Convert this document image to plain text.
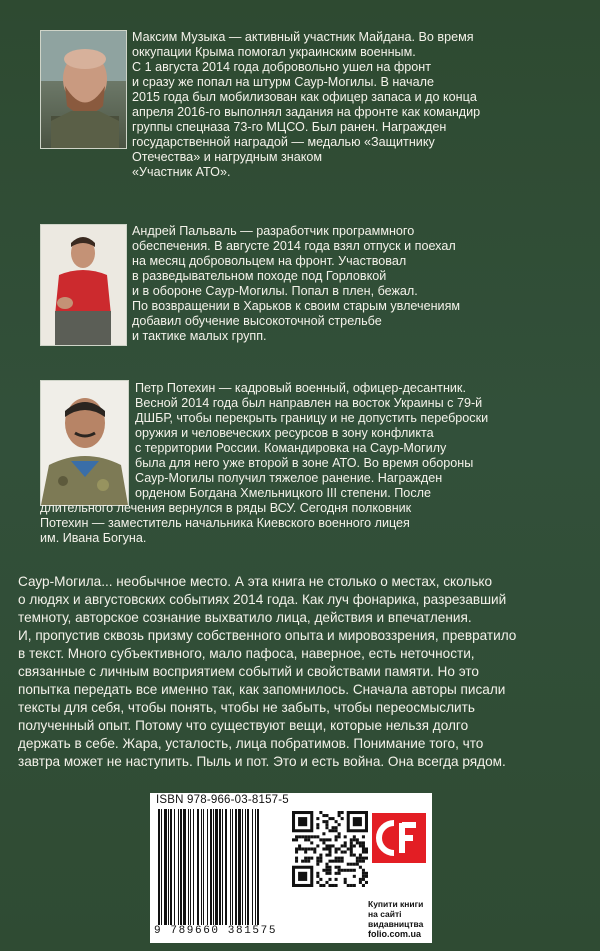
Максим Музыка — активный участник Майдана. Во время
оккупации Крыма помогал украинским военным.
С 1 августа 2014 года добровольно ушел на фронт
и сразу же попал на штурм Саур-Могилы. В начале
2015 года был мобилизован как офицер запаса и до конца
апреля 2016-го выполнял задания на фронте как командир
группы спецназа 73-го МЦСО. Был ранен. Награжден
государственной наградой — медалью «Защитнику
Отечества» и нагрудным знаком
«Участник АТО».

Андрей Пальваль — разработчик программного
обеспечения. В августе 2014 года взял отпуск и поехал
на месяц добровольцем на фронт. Участвовал
в разведывательном походе под Горловкой
и в обороне Саур-Могилы. Попал в плен, бежал.
По возвращении в Харьков к своим старым увлечениям
добавил обучение высокоточной стрельбе
и тактике малых групп.

Петр Потехин — кадровый военный, офицер-десантник.
Весной 2014 года был направлен на восток Украины с 79-й
ДШБР, чтобы перекрыть границу и не допустить переброски
оружия и человеческих ресурсов в зону конфликта
с территории России. Командировка на Саур-Могилу
была для него уже второй в зоне АТО. Во время обороны
Саур-Могилы получил тяжелое ранение. Награжден
орденом Богдана Хмельницкого III степени. После

длительного лечения вернулся в ряды ВСУ. Сегодня полковник
Потехин — заместитель начальника Киевского военного лицея
им. Ивана Богуна.

Саур-Могила... необычное место. А эта книга не столько о местах, сколько
о людях и августовских событиях 2014 года. Как луч фонарика, разрезавший
темноту, авторское сознание выхватило лица, действия и впечатления.
И, пропустив сквозь призму собственного опыта и мировоззрения, превратило
в текст. Много субъективного, мало пафоса, наверное, есть неточности,
связанные с личным восприятием событий и свойствами памяти. Но это
попытка передать все именно так, как запомнилось. Сначала авторы писали
тексты для себя, чтобы понять, чтобы не забыть, чтобы переосмыслить
полученный опыт. Потому что существуют вещи, которые нельзя долго
держать в себе. Жара, усталость, лица побратимов. Понимание того, что
завтра может не наступить. Пыль и пот. Это и есть война. Она всегда рядом.

ISBN 978-966-03-8157-5
9 789660 381575

Купити книги
на сайті
видавництва

folio.com.ua
